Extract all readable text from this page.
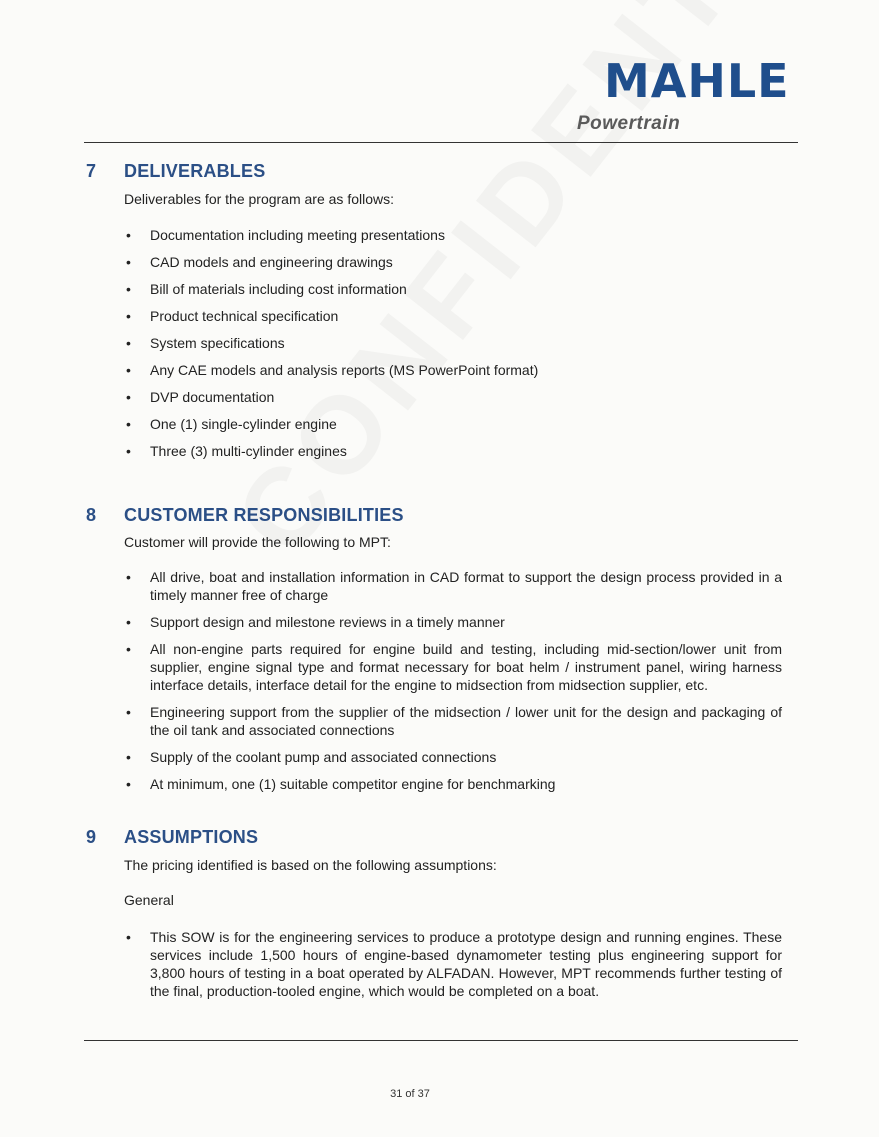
MAHLE
Powertrain
7 DELIVERABLES
Deliverables for the program are as follows:
• Documentation including meeting presentations
• CAD models and engineering drawings
• Bill of materials including cost information
• Product technical specification
• System specifications
• Any CAE models and analysis reports (MS PowerPoint format)
• DVP documentation
• One (1) single-cylinder engine
• Three (3) multi-cylinder engines
8 CUSTOMER RESPONSIBILITIES
Customer will provide the following to MPT:
• All drive, boat and installation information in CAD format to support the design process provided in a timely manner free of charge
• Support design and milestone reviews in a timely manner
• All non-engine parts required for engine build and testing, including mid-section/lower unit from supplier, engine signal type and format necessary for boat helm / instrument panel, wiring harness interface details, interface detail for the engine to midsection from midsection supplier, etc.
• Engineering support from the supplier of the midsection / lower unit for the design and packaging of the oil tank and associated connections
• Supply of the coolant pump and associated connections
• At minimum, one (1) suitable competitor engine for benchmarking
9 ASSUMPTIONS
The pricing identified is based on the following assumptions:
General
• This SOW is for the engineering services to produce a prototype design and running engines. These services include 1,500 hours of engine-based dynamometer testing plus engineering support for 3,800 hours of testing in a boat operated by ALFADAN. However, MPT recommends further testing of the final, production-tooled engine, which would be completed on a boat.
31 of 37
